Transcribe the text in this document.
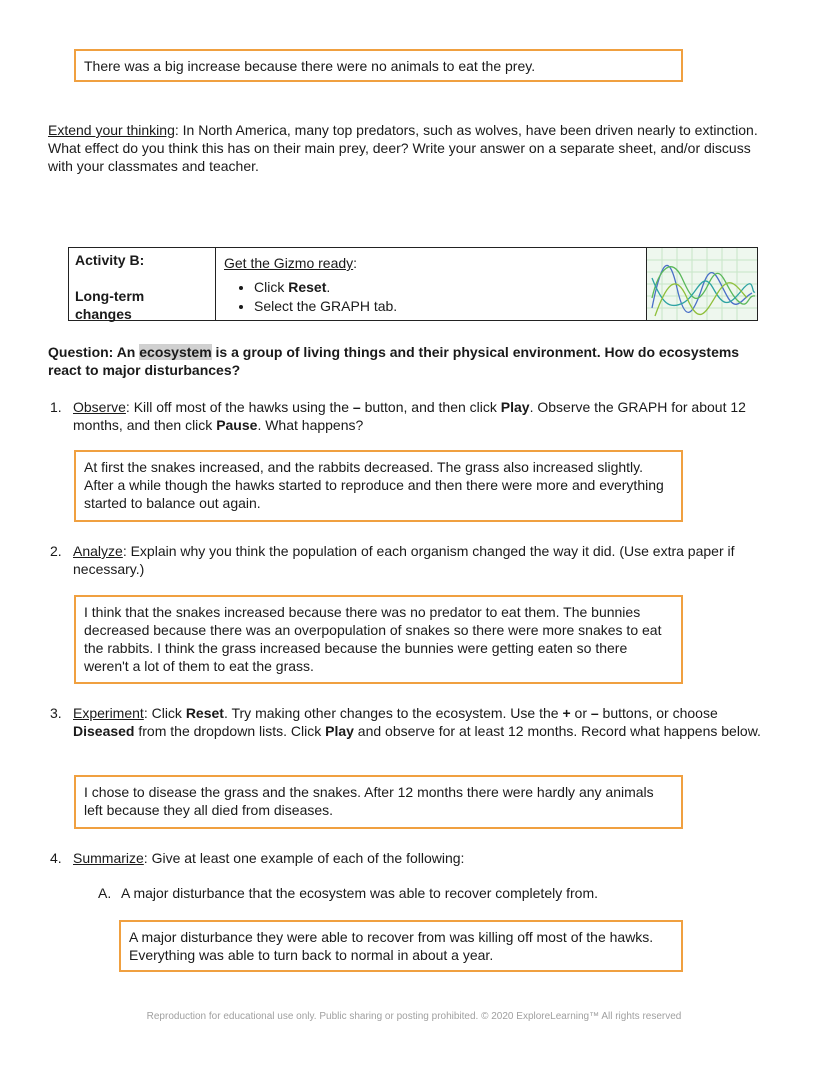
There was a big increase because there were no animals to eat the prey.
Extend your thinking: In North America, many top predators, such as wolves, have been driven nearly to extinction. What effect do you think this has on their main prey, deer? Write your answer on a separate sheet, and/or discuss with your classmates and teacher.
Activity B:
Long-term changes
Get the Gizmo ready:
• Click Reset.
• Select the GRAPH tab.
Question: An ecosystem is a group of living things and their physical environment. How do ecosystems react to major disturbances?
1. Observe: Kill off most of the hawks using the – button, and then click Play. Observe the GRAPH for about 12 months, and then click Pause. What happens?
At first the snakes increased, and the rabbits decreased. The grass also increased slightly. After a while though the hawks started to reproduce and then there were more and everything started to balance out again.
2. Analyze: Explain why you think the population of each organism changed the way it did. (Use extra paper if necessary.)
I think that the snakes increased because there was no predator to eat them. The bunnies decreased because there was an overpopulation of snakes so there were more snakes to eat the rabbits. I think the grass increased because the bunnies were getting eaten so there weren't a lot of them to eat the grass.
3. Experiment: Click Reset. Try making other changes to the ecosystem. Use the + or – buttons, or choose Diseased from the dropdown lists. Click Play and observe for at least 12 months. Record what happens below.
I chose to disease the grass and the snakes. After 12 months there were hardly any animals left because they all died from diseases.
4. Summarize: Give at least one example of each of the following:
A. A major disturbance that the ecosystem was able to recover completely from.
A major disturbance they were able to recover from was killing off most of the hawks. Everything was able to turn back to normal in about a year.
Reproduction for educational use only. Public sharing or posting prohibited. © 2020 ExploreLearning™ All rights reserved
